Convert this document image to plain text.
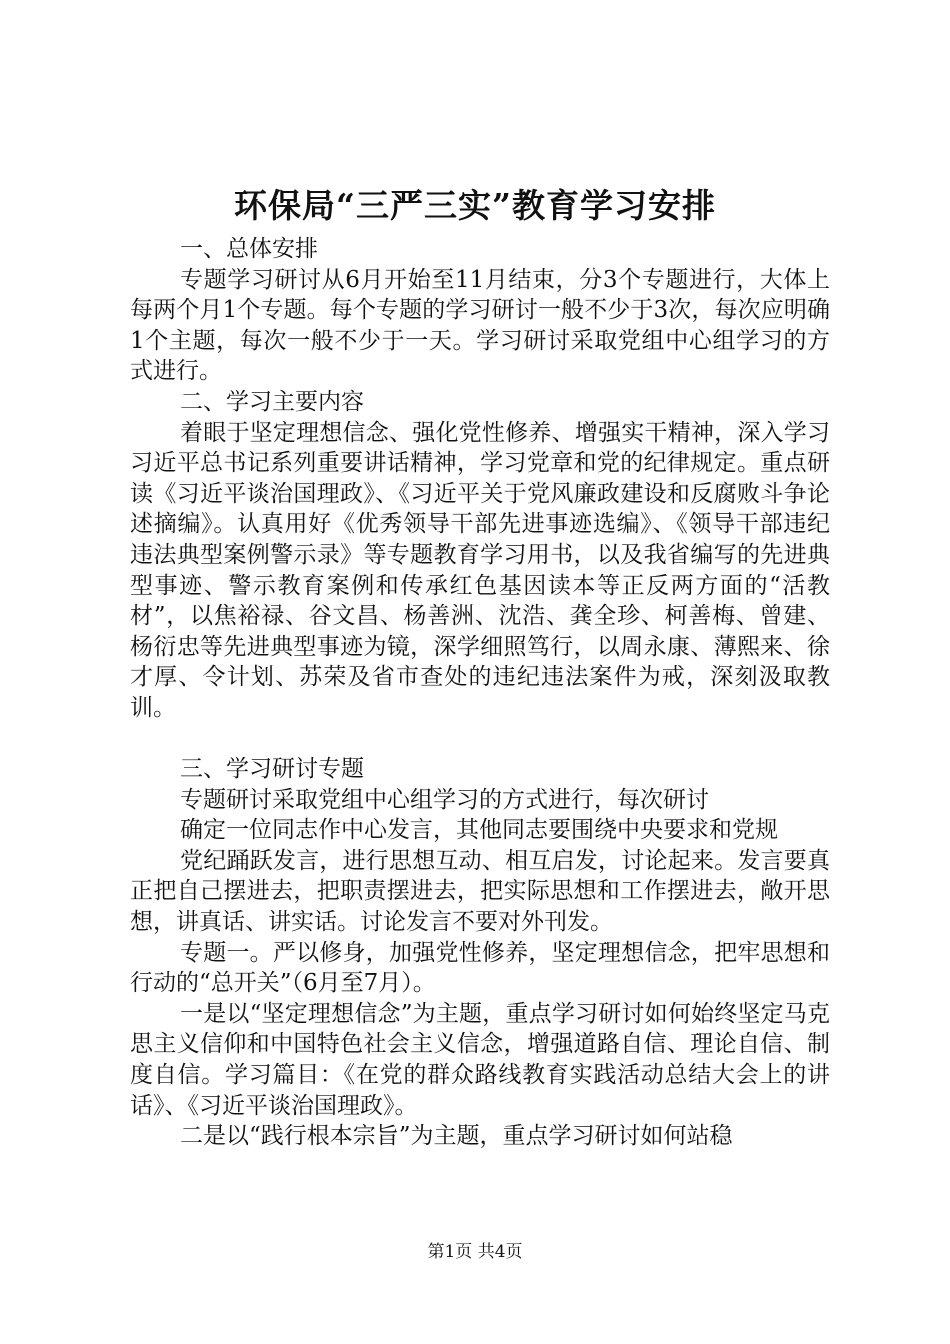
环保局“三严三实”教育学习安排

一、总体安排

专题学习研讨从6月开始至11月结束，分3个专题进行，大体上每两个月1个专题。每个专题的学习研讨一般不少于3次，每次应明确1个主题，每次一般不少于一天。学习研讨采取党组中心组学习的方式进行。

二、学习主要内容

着眼于坚定理想信念、强化党性修养、增强实干精神，深入学习习近平总书记系列重要讲话精神，学习党章和党的纪律规定。重点研读《习近平谈治国理政》、《习近平关于党风廉政建设和反腐败斗争论述摘编》。认真用好《优秀领导干部先进事迹选编》、《领导干部违纪违法典型案例警示录》等专题教育学习用书，以及我省编写的先进典型事迹、警示教育案例和传承红色基因读本等正反两方面的“活教材”，以焦裕禄、谷文昌、杨善洲、沈浩、龚全珍、柯善梅、曾建、杨衍忠等先进典型事迹为镜，深学细照笃行，以周永康、薄熙来、徐才厚、令计划、苏荣及省市查处的违纪违法案件为戒，深刻汲取教训。

三、学习研讨专题

专题研讨采取党组中心组学习的方式进行，每次研讨

确定一位同志作中心发言，其他同志要围绕中央要求和党规

党纪踊跃发言，进行思想互动、相互启发，讨论起来。发言要真正把自己摆进去，把职责摆进去，把实际思想和工作摆进去，敞开思想，讲真话、讲实话。讨论发言不要对外刊发。

专题一。严以修身，加强党性修养，坚定理想信念，把牢思想和行动的“总开关”（6月至7月）。

一是以“坚定理想信念”为主题，重点学习研讨如何始终坚定马克思主义信仰和中国特色社会主义信念，增强道路自信、理论自信、制度自信。学习篇目：《在党的群众路线教育实践活动总结大会上的讲话》、《习近平谈治国理政》。

二是以“践行根本宗旨”为主题，重点学习研讨如何站稳

第1页 共4页
